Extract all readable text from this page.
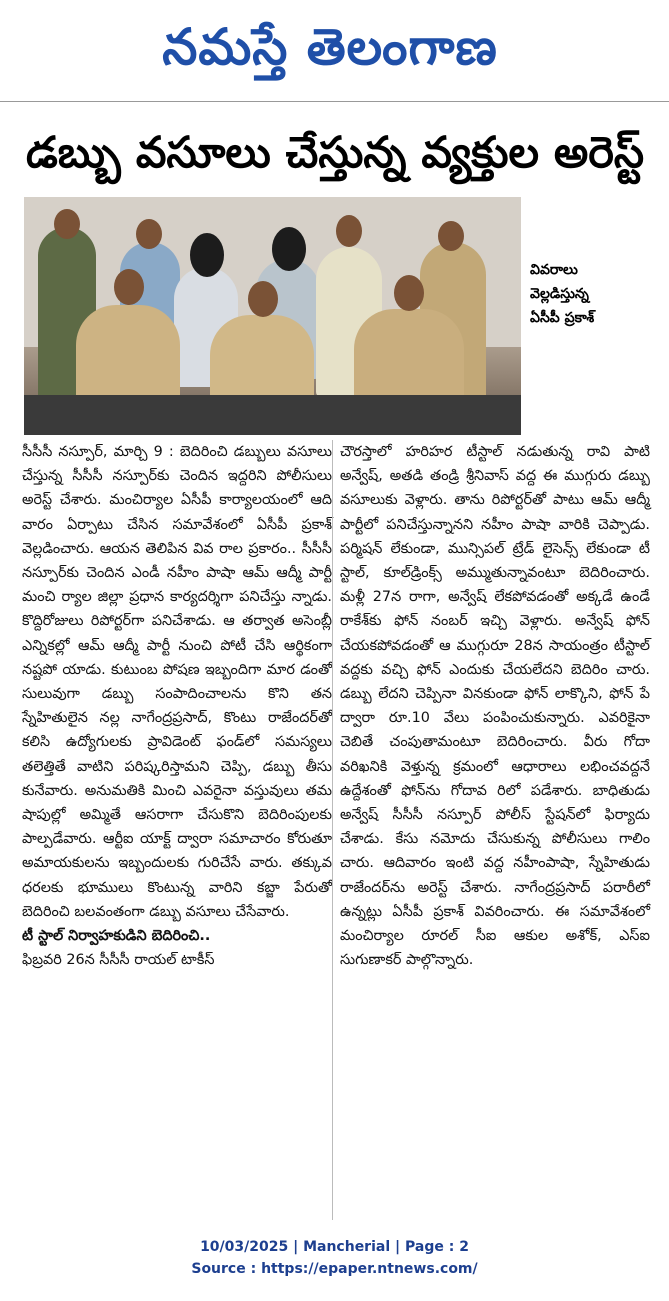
నమస్తే తెలంగాణ
డబ్బు వసూలు చేస్తున్న వ్యక్తుల అరెస్ట్
వివరాలు
వెల్లడిస్తున్న
ఏసీపీ ప్రకాశ్

సీసీసీ నస్పూర్, మార్చి 9 : బెదిరించి డబ్బులు వసూలు చేస్తున్న సీసీసీ నస్పూర్‌కు చెందిన ఇద్దరిని పోలీసులు అరెస్ట్ చేశారు. మంచిర్యాల ఏసీపీ కార్యాలయంలో ఆది వారం ఏర్పాటు చేసిన సమావేశంలో ఏసీపీ ప్రకాశ్ వెల్లడించారు. ఆయన తెలిపిన వివ రాల ప్రకారం.. సీసీసీ నస్పూర్‌కు చెందిన ఎండీ నహీం పాషా ఆమ్ ఆద్మీ పార్టీ మంచి ర్యాల జిల్లా ప్రధాన కార్యదర్శిగా పనిచేస్తు న్నాడు. కొద్దిరోజులు రిపోర్టర్‌గా పనిచేశాడు. ఆ తర్వాత అసెంబ్లీ ఎన్నికల్లో ఆమ్ ఆద్మీ పార్టీ నుంచి పోటీ చేసి ఆర్థికంగా నష్టపో యాడు. కుటుంబ పోషణ ఇబ్బందిగా మార డంతో సులువుగా డబ్బు సంపాదించాలను కొని తన స్నేహితులైన నల్ల నాగేంద్రప్రసాద్, కొంటు రాజేందర్‌తో కలిసి ఉద్యోగులకు ప్రావిడెంట్ ఫండ్‌లో సమస్యలు తలెత్తితే వాటిని పరిష్కరిస్తామని చెప్పి, డబ్బు తీసు కునేవారు. అనుమతికి మించి ఎవరైనా వస్తువులు తమ షాపుల్లో అమ్మితే ఆసరాగా చేసుకొని బెదిరింపులకు పాల్పడేవారు. ఆర్టీఐ యాక్ట్ ద్వారా సమాచారం కోరుతూ అమాయకులను ఇబ్బందులకు గురిచేసే వారు. తక్కువ ధరలకు భూములు కొంటున్న వారిని కబ్జా పేరుతో బెదిరించి బలవంతంగా డబ్బు వసూలు చేసేవారు.

టీ స్టాల్ నిర్వాహకుడిని బెదిరించి..

ఫిబ్రవరి 26న సీసీసీ రాయల్ టాకీస్

చౌరస్తాలో హరిహర టీస్టాల్ నడుతున్న రావి పాటి అన్వేష్, అతడి తండ్రి శ్రీనివాస్ వద్ద ఈ ముగ్గురు డబ్బు వసూలుకు వెళ్లారు. తాను రిపోర్టర్‌తో పాటు ఆమ్ ఆద్మీ పార్టీలో పనిచేస్తున్నానని నహీం పాషా వారికి చెప్పాడు. పర్మిషన్ లేకుండా, మున్సిపల్ ట్రేడ్ లైసెన్స్ లేకుండా టీ స్టాల్, కూల్‌డ్రింక్స్ అమ్ముతున్నావంటూ బెదిరించారు. మళ్లీ 27న రాగా, అన్వేష్ లేకపోవడంతో అక్కడే ఉండే రాకేశ్‌కు ఫోన్ నంబర్ ఇచ్చి వెళ్లారు. అన్వేష్ ఫోన్ చేయకపోవడంతో ఆ ముగ్గురూ 28న సాయంత్రం టీస్టాల్ వద్దకు వచ్చి ఫోన్ ఎందుకు చేయలేదని బెదిరిం చారు. డబ్బు లేదని చెప్పినా వినకుండా ఫోన్ లాక్కొని, ఫోన్ పే ద్వారా రూ.10 వేలు పంపించుకున్నారు. ఎవరికైనా చెబితే చంపుతామంటూ బెదిరించారు. వీరు గోదా వరిఖనికి వెళ్తున్న క్రమంలో ఆధారాలు లభించవద్దనే ఉద్దేశంతో ఫోన్‌ను గోదావ రిలో పడేశారు. బాధితుడు అన్వేష్ సీసీసీ నస్పూర్ పోలీస్ స్టేషన్‌లో ఫిర్యాదు చేశాడు. కేసు నమోదు చేసుకున్న పోలీసులు గాలిం చారు. ఆదివారం ఇంటి వద్ద నహీంపాషా, స్నేహితుడు రాజేందర్‌ను అరెస్ట్ చేశారు. నాగేంద్రప్రసాద్ పరారీలో ఉన్నట్లు ఏసీపీ ప్రకాశ్ వివరించారు. ఈ సమావేశంలో మంచిర్యాల రూరల్ సీఐ ఆకుల అశోక్, ఎస్ఐ సుగుణాకర్ పాల్గొన్నారు.

10/03/2025 | Mancherial | Page : 2
Source : https://epaper.ntnews.com/
